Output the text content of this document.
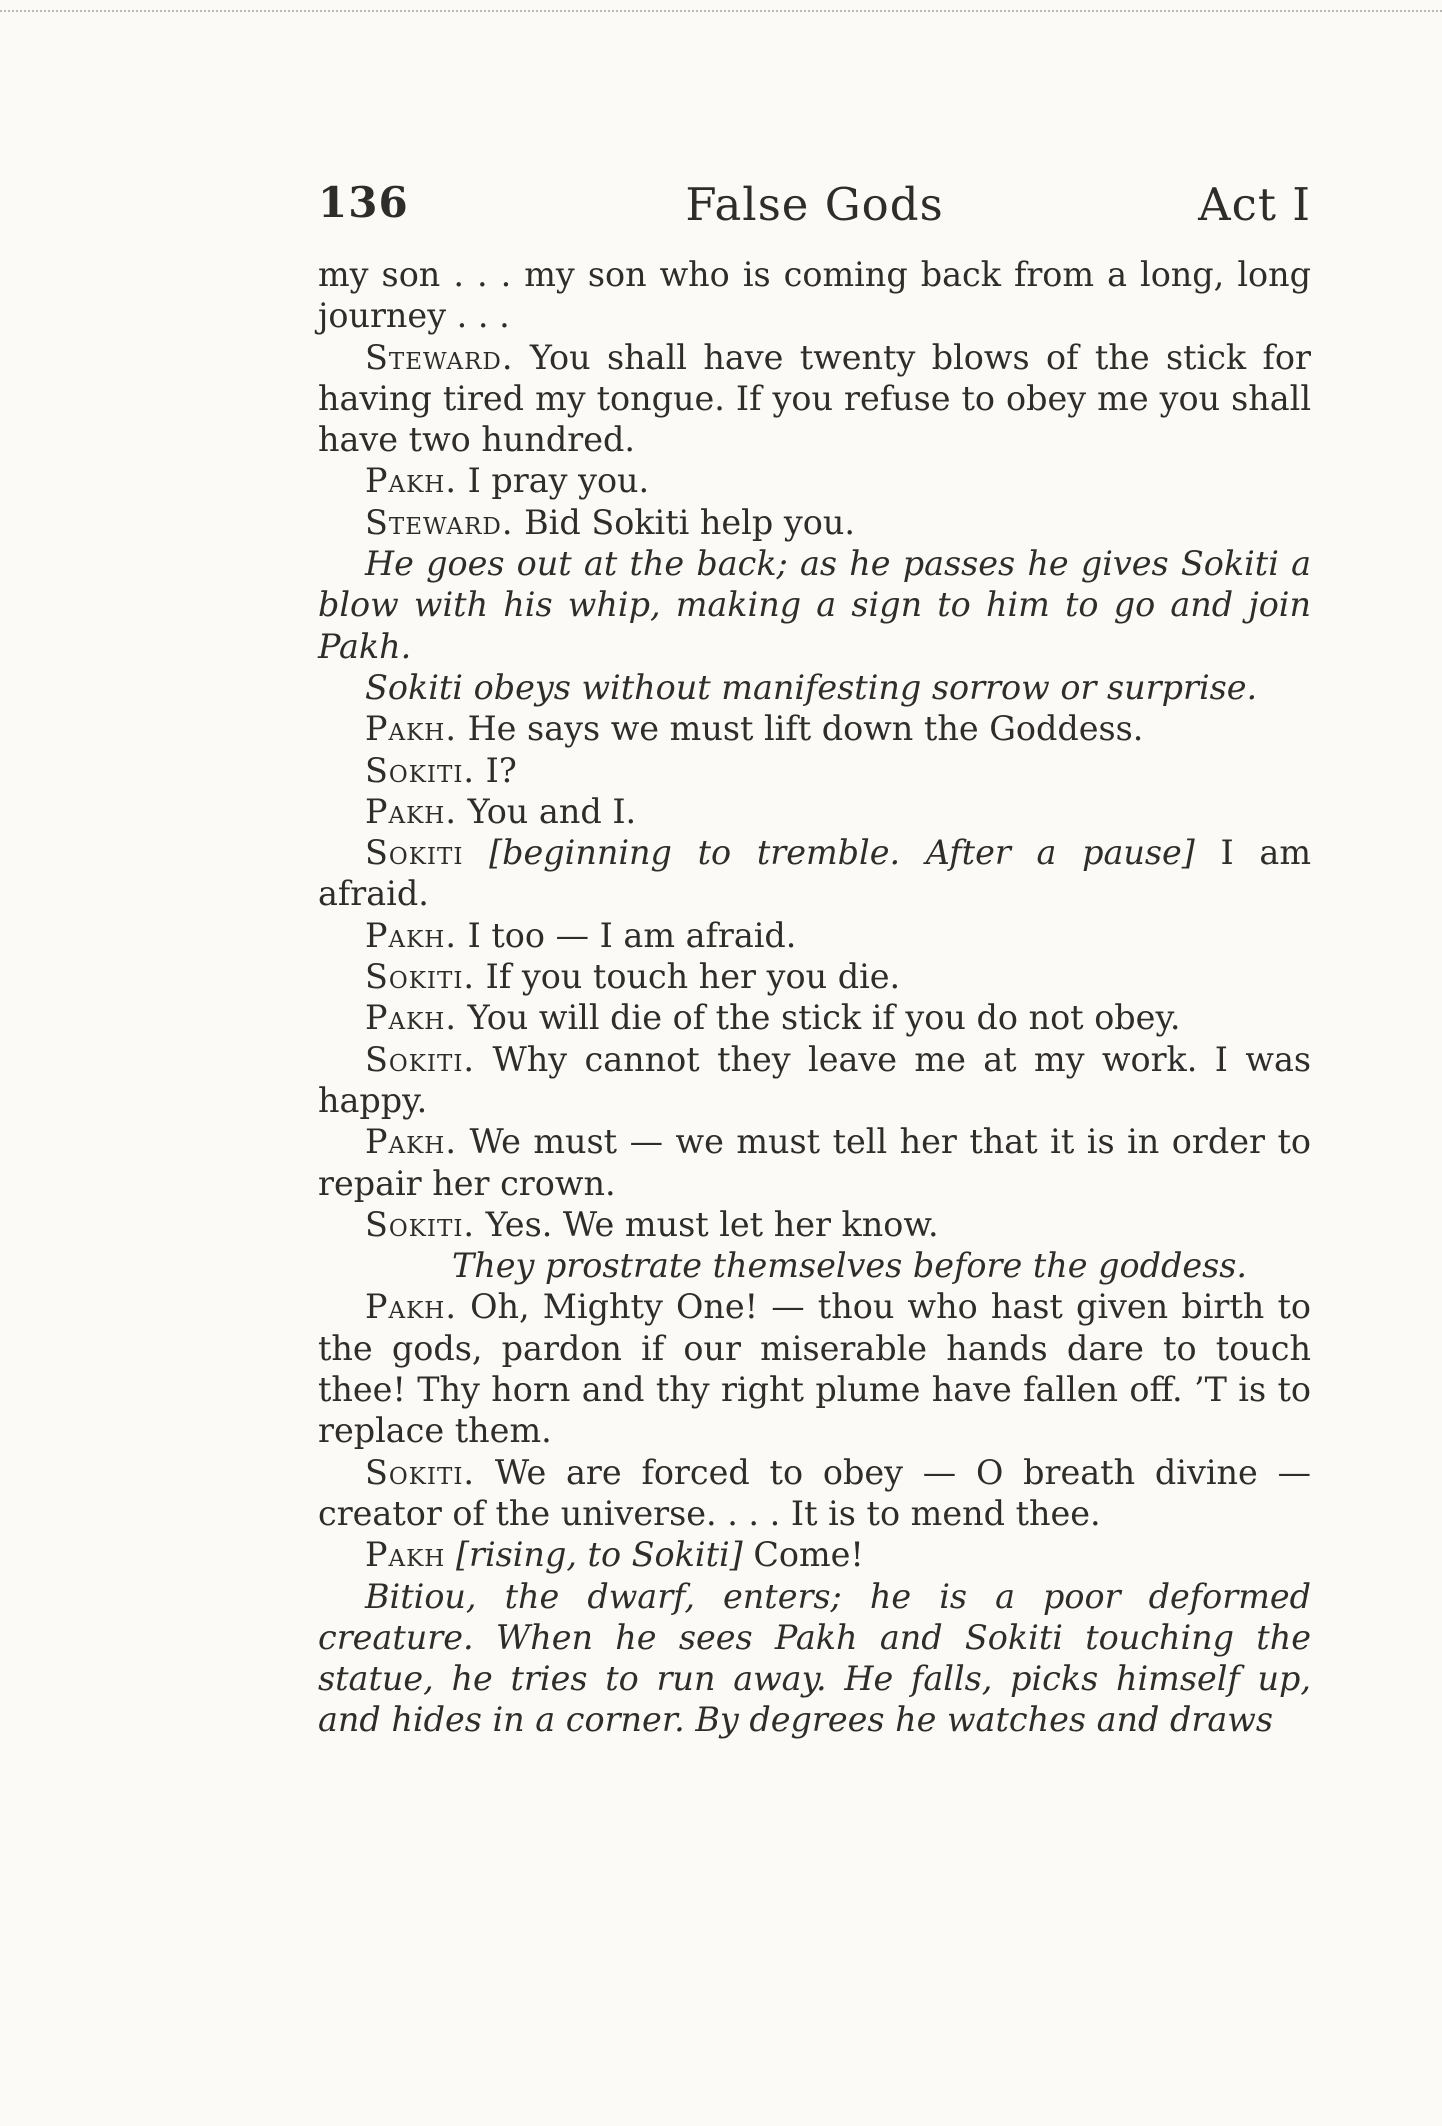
136	False Gods	Act I

my son . . . my son who is coming back from a long, long journey . . .

Steward. You shall have twenty blows of the stick for having tired my tongue. If you refuse to obey me you shall have two hundred.

Pakh. I pray you.

Steward. Bid Sokiti help you.

He goes out at the back; as he passes he gives Sokiti a blow with his whip, making a sign to him to go and join Pakh.

Sokiti obeys without manifesting sorrow or surprise.

Pakh. He says we must lift down the Goddess.

Sokiti. I?

Pakh. You and I.

Sokiti [beginning to tremble. After a pause] I am afraid.

Pakh. I too — I am afraid.

Sokiti. If you touch her you die.

Pakh. You will die of the stick if you do not obey.

Sokiti. Why cannot they leave me at my work. I was happy.

Pakh. We must — we must tell her that it is in order to repair her crown.

Sokiti. Yes. We must let her know.

They prostrate themselves before the goddess.

Pakh. Oh, Mighty One! — thou who hast given birth to the gods, pardon if our miserable hands dare to touch thee! Thy horn and thy right plume have fallen off. ’T is to replace them.

Sokiti. We are forced to obey — O breath divine — creator of the universe. . . . It is to mend thee.

Pakh [rising, to Sokiti] Come!

Bitiou, the dwarf, enters; he is a poor deformed creature. When he sees Pakh and Sokiti touching the statue, he tries to run away. He falls, picks himself up, and hides in a corner. By degrees he watches and draws
